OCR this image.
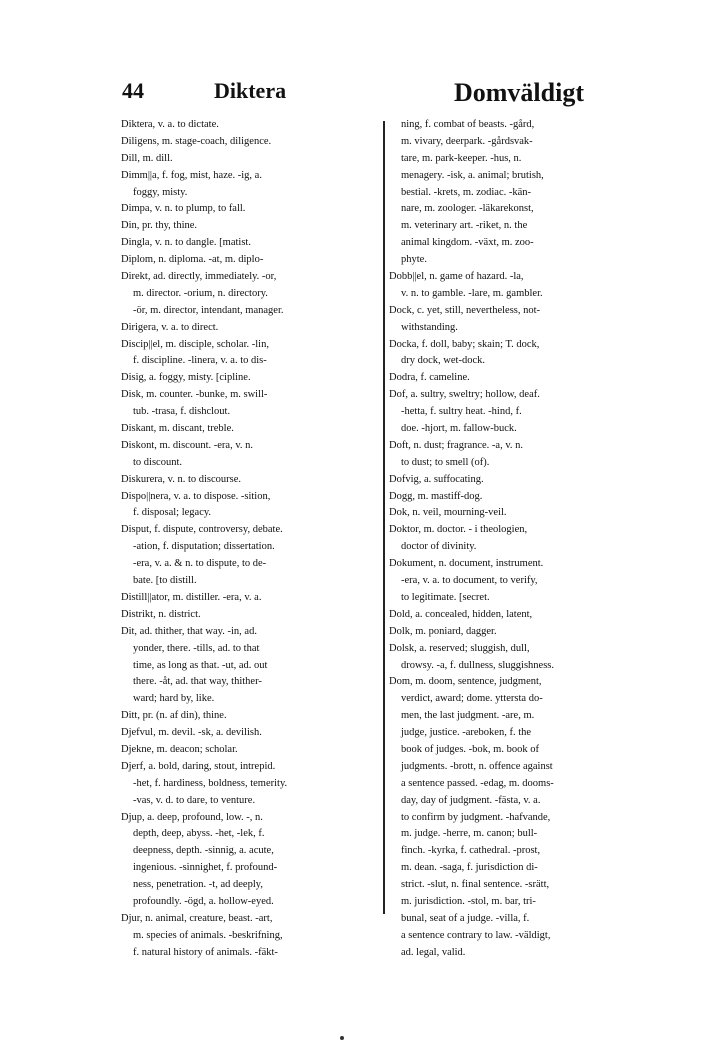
44	Diktera	Domväldigt
Diktera, v. a. to dictate.
Diligens, m. stage-coach, diligence.
Dill, m. dill.
Dimm||a, f. fog, mist, haze. -ig, a.
foggy, misty.
Dimpa, v. n. to plump, to fall.
Din, pr. thy, thine.
Dingla, v. n. to dangle. [matist.
Diplom, n. diploma. -at, m. diplo-
Direkt, ad. directly, immediately. -or,
m. director. -orium, n. directory.
-ör, m. director, intendant, manager.
Dirigera, v. a. to direct.
Discip||el, m. disciple, scholar. -lin,
f. discipline. -linera, v. a. to dis-
Disig, a. foggy, misty. [cipline.
Disk, m. counter. -bunke, m. swill-
tub. -trasa, f. dishclout.
Diskant, m. discant, treble.
Diskont, m. discount. -era, v. n.
to discount.
Diskurera, v. n. to discourse.
Dispo||nera, v. a. to dispose. -sition,
f. disposal; legacy.
Disput, f. dispute, controversy, debate.
-ation, f. disputation; dissertation.
-era, v. a. & n. to dispute, to de-
bate. [to distill.
Distill||ator, m. distiller. -era, v. a.
Distrikt, n. district.
Dit, ad. thither, that way. -in, ad.
yonder, there. -tills, ad. to that
time, as long as that. -ut, ad. out
there. -åt, ad. that way, thither-
ward; hard by, like.
Ditt, pr. (n. af din), thine.
Djefvul, m. devil. -sk, a. devilish.
Djekne, m. deacon; scholar.
Djerf, a. bold, daring, stout, intrepid.
-het, f. hardiness, boldness, temerity.
-vas, v. d. to dare, to venture.
Djup, a. deep, profound, low. -, n.
depth, deep, abyss. -het, -lek, f.
deepness, depth. -sinnig, a. acute,
ingenious. -sinnighet, f. profound-
ness, penetration. -t, ad deeply,
profoundly. -ögd, a. hollow-eyed.
Djur, n. animal, creature, beast. -art,
m. species of animals. -beskrifning,
f. natural history of animals. -fäkt-
ning, f. combat of beasts. -gård,
m. vivary, deerpark. -gårdsvak-
tare, m. park-keeper. -hus, n.
menagery. -isk, a. animal; brutish,
bestial. -krets, m. zodiac. -kän-
nare, m. zoologer. -läkarekonst,
m. veterinary art. -riket, n. the
animal kingdom. -växt, m. zoo-
phyte.
Dobb||el, n. game of hazard. -la,
v. n. to gamble. -lare, m. gambler.
Dock, c. yet, still, nevertheless, not-
withstanding.
Docka, f. doll, baby; skain; T. dock,
dry dock, wet-dock.
Dodra, f. cameline.
Dof, a. sultry, sweltry; hollow, deaf.
-hetta, f. sultry heat. -hind, f.
doe. -hjort, m. fallow-buck.
Doft, n. dust; fragrance. -a, v. n.
to dust; to smell (of).
Dofvig, a. suffocating.
Dogg, m. mastiff-dog.
Dok, n. veil, mourning-veil.
Doktor, m. doctor. - i theologien,
doctor of divinity.
Dokument, n. document, instrument.
-era, v. a. to document, to verify,
to legitimate. [secret.
Dold, a. concealed, hidden, latent,
Dolk, m. poniard, dagger.
Dolsk, a. reserved; sluggish, dull,
drowsy. -a, f. dullness, sluggishness.
Dom, m. doom, sentence, judgment,
verdict, award; dome. yttersta do-
men, the last judgment. -are, m.
judge, justice. -areboken, f. the
book of judges. -bok, m. book of
judgments. -brott, n. offence against
a sentence passed. -edag, m. dooms-
day, day of judgment. -fästa, v. a.
to confirm by judgment. -hafvande,
m. judge. -herre, m. canon; bull-
finch. -kyrka, f. cathedral. -prost,
m. dean. -saga, f. jurisdiction di-
strict. -slut, n. final sentence. -srätt,
m. jurisdiction. -stol, m. bar, tri-
bunal, seat of a judge. -villa, f.
a sentence contrary to law. -väldigt,
ad. legal, valid.
